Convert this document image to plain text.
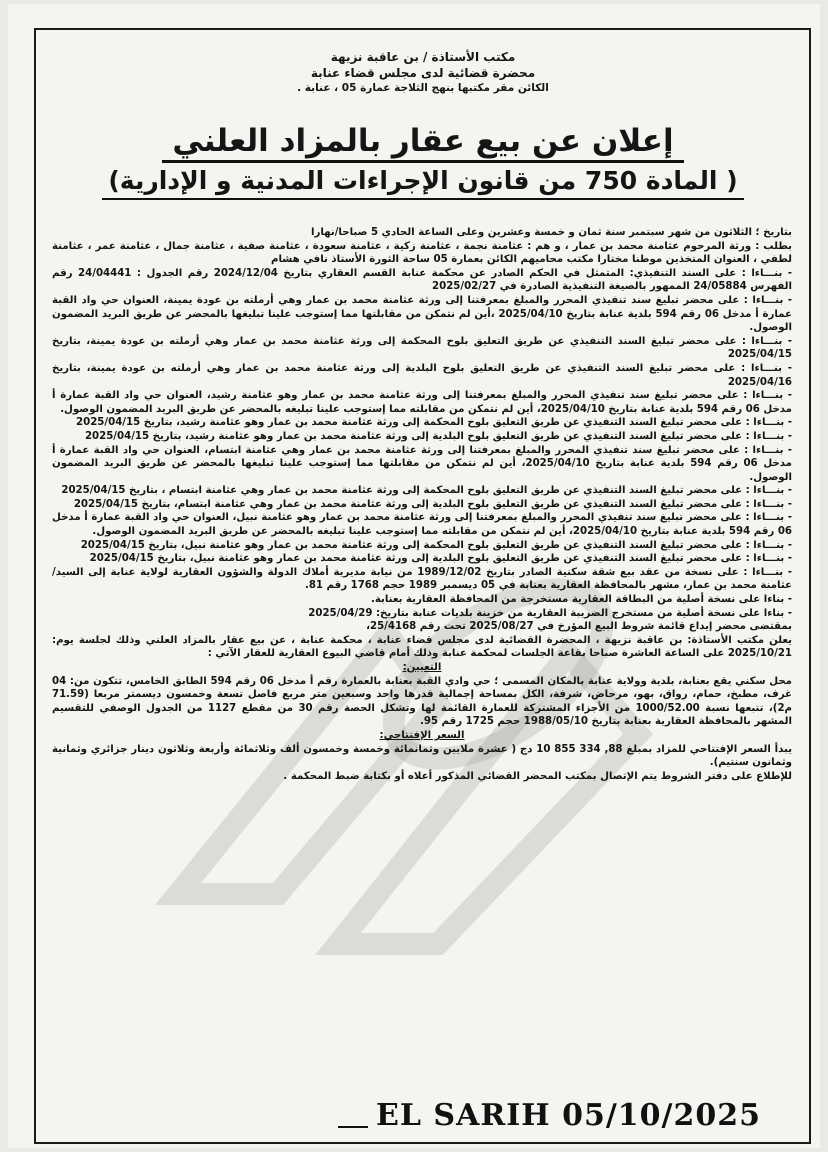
مكتب الأستاذة / بن عاقبة نزيهة
محضرة قضائية لدى مجلس قضاء عنابة
الكائن مقر مكتبها بنهج الثلاجة عمارة 05 ، عنابة .
إعلان عن بيع عقار بالمزاد العلني
( المادة 750 من قانون الإجراءات المدنية و الإدارية)

بتاريخ ؛ الثلاثون من شهر سبتمبر سنة ثمان و خمسة وعشرين وعلى الساعة الحادي 5 صباحا/نهارا

بطلب : ورثة المرحوم عثامنة محمد بن عمار ، و هم : عثامنة نجمة ، عثامنة زكية ، عثامنة سعودة ، عثامنة صفية ، عثامنة جمال ، عثامنة عمر ، عثامنة لطفي ، العنوان المتخذين موطنا مختارا مكتب محاميهم الكائن بعمارة 05 ساحة الثورة الأستاذ نافي هشام

- بنـــاءا : على السند التنفيذي: المتمثل في الحكم الصادر عن محكمة عنابة القسم العقاري بتاريخ 2024/12/04 رقم الجدول : 24/04441 رقم الفهرس 24/05884 الممهور بالصيغة التنفيذية الصادرة في 2025/02/27

- بنـــاءا : على محضر تبليغ سند تنفيذي المحرر والمبلغ بمعرفتنا إلى ورثة عثامنة محمد بن عمار وهي أرملته بن عودة يمينة، العنوان حي واد القبة عمارة أ مدخل 06 رقم 594 بلدية عنابة بتاريخ 2025/04/10 ،أين لم نتمكن من مقابلتها مما إستوجب علينا تبليغها بالمحضر عن طريق البريد المضمون الوصول.

- بنـــاءا : على محضر تبليغ السند التنفيذي عن طريق التعليق بلوح المحكمة إلى ورثة عثامنة محمد بن عمار وهي أرملته بن عودة يمينة، بتاريخ 2025/04/15

- بنـــاءا : على محضر تبليغ السند التنفيذي عن طريق التعليق بلوح البلدية إلى ورثة عثامنة محمد بن عمار وهي أرملته بن عودة يمينة، بتاريخ 2025/04/16

- بنـــاءا : على محضر تبليغ سند تنفيذي المحرر والمبلغ بمعرفتنا إلى ورثة عثامنة محمد بن عمار وهو عثامنة رشيد، العنوان حي واد القبة عمارة أ مدخل 06 رقم 594 بلدية عنابة بتاريخ 2025/04/10، أين لم نتمكن من مقابلته مما إستوجب علينا تبليغه بالمحضر عن طريق البريد المضمون الوصول.

- بنـــاءا : على محضر تبليغ السند التنفيذي عن طريق التعليق بلوح المحكمة إلى ورثة عثامنة محمد بن عمار وهو عثامنة رشيد، بتاريخ 2025/04/15

- بنـــاءا : على محضر تبليغ السند التنفيذي عن طريق التعليق بلوح البلدية إلى ورثة عثامنة محمد بن عمار وهو عثامنة رشيد، بتاريخ 2025/04/15

- بنـــاءا : على محضر تبليغ سند تنفيذي المحرر والمبلغ بمعرفتنا إلى ورثة عثامنة محمد بن عمار وهي عثامنة ابتسام، العنوان حي واد القبة عمارة أ مدخل 06 رقم 594 بلدية عنابة بتاريخ 2025/04/10، أين لم نتمكن من مقابلتها مما إستوجب علينا تبليغها بالمحضر عن طريق البريد المضمون الوصول.

- بنـــاءا : على محضر تبليغ السند التنفيذي عن طريق التعليق بلوح المحكمة إلى ورثة عثامنة محمد بن عمار وهي عثامنة ابتسام ، بتاريخ 2025/04/15

- بنـــاءا : على محضر تبليغ السند التنفيذي عن طريق التعليق بلوح البلدية إلى ورثة عثامنة محمد بن عمار وهي عثامنة ابتسام، بتاريخ 2025/04/15

- بنـــاءا : على محضر تبليغ سند تنفيذي المحرر والمبلغ بمعرفتنا إلى ورثة عثامنة محمد بن عمار وهو عثامنة نبيل، العنوان حي واد القبة عمارة أ مدخل 06 رقم 594 بلدية عنابة بتاريخ 2025/04/10، أين لم نتمكن من مقابلته مما إستوجب علينا تبليغه بالمحضر عن طريق البريد المضمون الوصول.

- بنـــاءا : على محضر تبليغ السند التنفيذي عن طريق التعليق بلوح المحكمة إلى ورثة عثامنة محمد بن عمار وهو عثامنة نبيل، بتاريخ 2025/04/15

- بنـــاءا : على محضر تبليغ السند التنفيذي عن طريق التعليق بلوح البلدية إلى ورثة عثامنة محمد بن عمار وهو عثامنة نبيل، بتاريخ 2025/04/15

- بنـــاءا : على نسخة من عقد بيع شقة سكنية الصادر بتاريخ 1989/12/02 من نيابة مديرية أملاك الدولة والشؤون العقارية لولاية عنابة إلى السيد/ عثامنة محمد بن عمار، مشهر بالمحافظة العقارية بعنابة في 05 ديسمبر 1989 حجم 1768 رقم 81.

- بناءا على نسخة أصلية من البطاقة العقارية مستخرجة من المحافظة العقارية بعنابة.

- بناءا على نسخة أصلية من مستخرج الضريبة العقارية من خزينة بلديات عنابة بتاريخ: 2025/04/29

بمقتضى محضر إيداع قائمة شروط البيع المؤرخ في 2025/08/27 تحت رقم 25/4168،

يعلن مكتب الأستاذة: بن عاقبة نزيهة ، المحضرة القضائية لدى مجلس قضاء عنابة ، محكمة عنابة ، عن بيع عقار بالمزاد العلني وذلك لجلسة يوم: 2025/10/21 على الساعة العاشرة صباحا بقاعة الجلسات لمحكمة عنابة وذلك أمام قاضي البيوع العقارية للعقار الآتي :

التعيين:

محل سكني يقع بعنابة، بلدية وولاية عنابة بالمكان المسمى ؛ حي وادي القبة بعنابة بالعمارة رقم أ مدخل 06 رقم 594 الطابق الخامس، تتكون من: 04 غرف، مطبخ، حمام، رواق، بهو، مرحاض، شرفة، الكل بمساحة إجمالية قدرها واحد وسبعين متر مربع فاصل تسعة وخمسون ديسمتر مربعا (71.59 م2)، تتبعها نسبة 1000/52.00 من الأجزاء المشتركة للعمارة القائمة لها وتشكل الحصة رقم 30 من مقطع 1127 من الجدول الوصفي للتقسيم المشهر بالمحافظة العقارية بعنابة بتاريخ 1988/05/10 حجم 1725 رقم 95.

السعر الإفتتاحي:

يبدأ السعر الإفتتاحي للمزاد بمبلغ 88, 334 855 10 دج ( عشرة ملايين وثمانمائة وخمسة وخمسون ألف وثلاثمائة وأربعة وثلاثون دينار جزائري وثمانية وثمانون سنتيم).

للإطلاع على دفتر الشروط يتم الإتصال بمكتب المحضر القضائي المذكور أعلاه أو بكتابة ضبط المحكمة .

EL SARIH 05/10/2025
